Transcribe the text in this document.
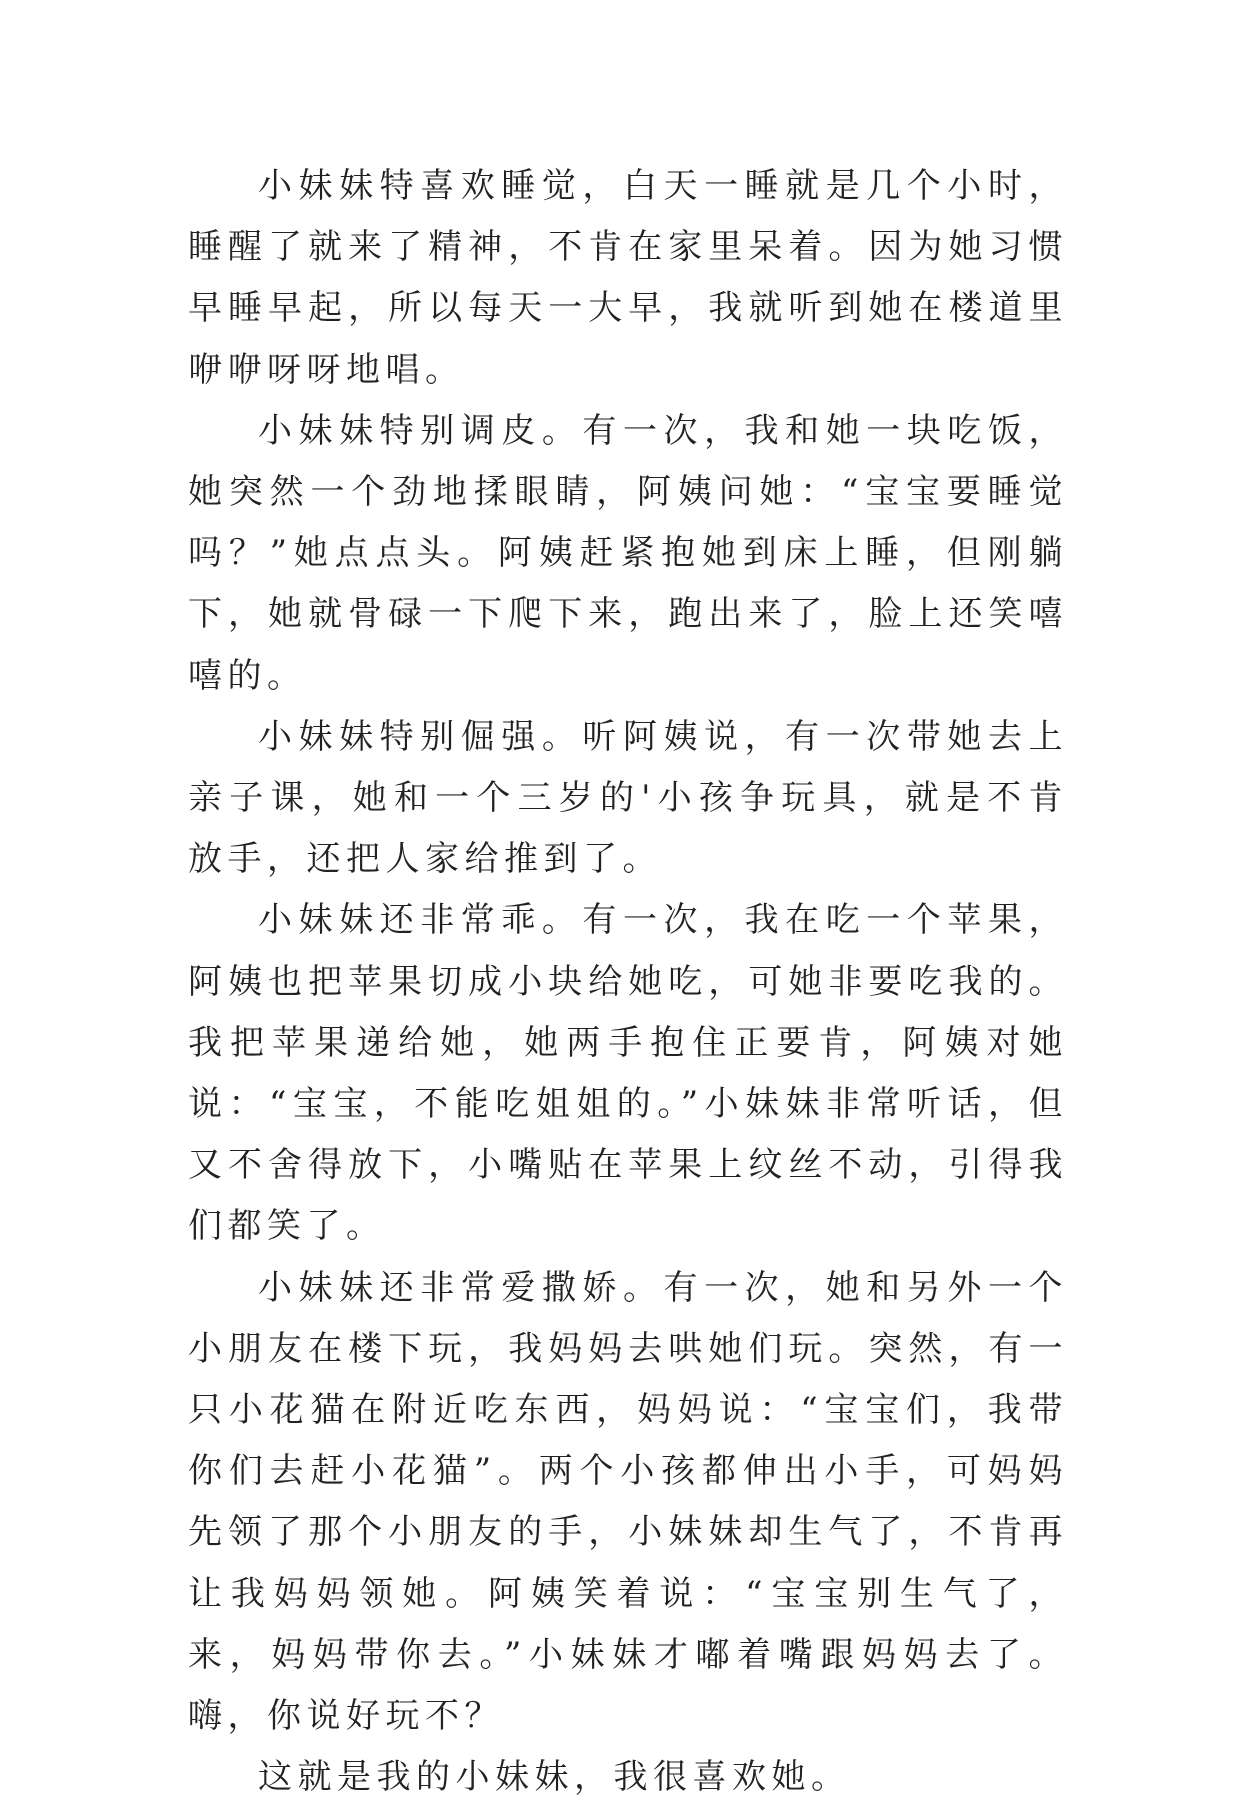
小妹妹特喜欢睡觉，白天一睡就是几个小时，睡醒了就来了精神，不肯在家里呆着。因为她习惯早睡早起，所以每天一大早，我就听到她在楼道里咿咿呀呀地唱。

小妹妹特别调皮。有一次，我和她一块吃饭，她突然一个劲地揉眼睛，阿姨问她：“宝宝要睡觉吗？”她点点头。阿姨赶紧抱她到床上睡，但刚躺下，她就骨碌一下爬下来，跑出来了，脸上还笑嘻嘻的。

小妹妹特别倔强。听阿姨说，有一次带她去上亲子课，她和一个三岁的'小孩争玩具，就是不肯放手，还把人家给推到了。

小妹妹还非常乖。有一次，我在吃一个苹果，阿姨也把苹果切成小块给她吃，可她非要吃我的。我把苹果递给她，她两手抱住正要肯，阿姨对她说：“宝宝，不能吃姐姐的。”小妹妹非常听话，但又不舍得放下，小嘴贴在苹果上纹丝不动，引得我们都笑了。

小妹妹还非常爱撒娇。有一次，她和另外一个小朋友在楼下玩，我妈妈去哄她们玩。突然，有一只小花猫在附近吃东西，妈妈说：“宝宝们，我带你们去赶小花猫”。两个小孩都伸出小手，可妈妈先领了那个小朋友的手，小妹妹却生气了，不肯再让我妈妈领她。阿姨笑着说：“宝宝别生气了，来，妈妈带你去。”小妹妹才嘟着嘴跟妈妈去了。嗨，你说好玩不？

这就是我的小妹妹，我很喜欢她。
